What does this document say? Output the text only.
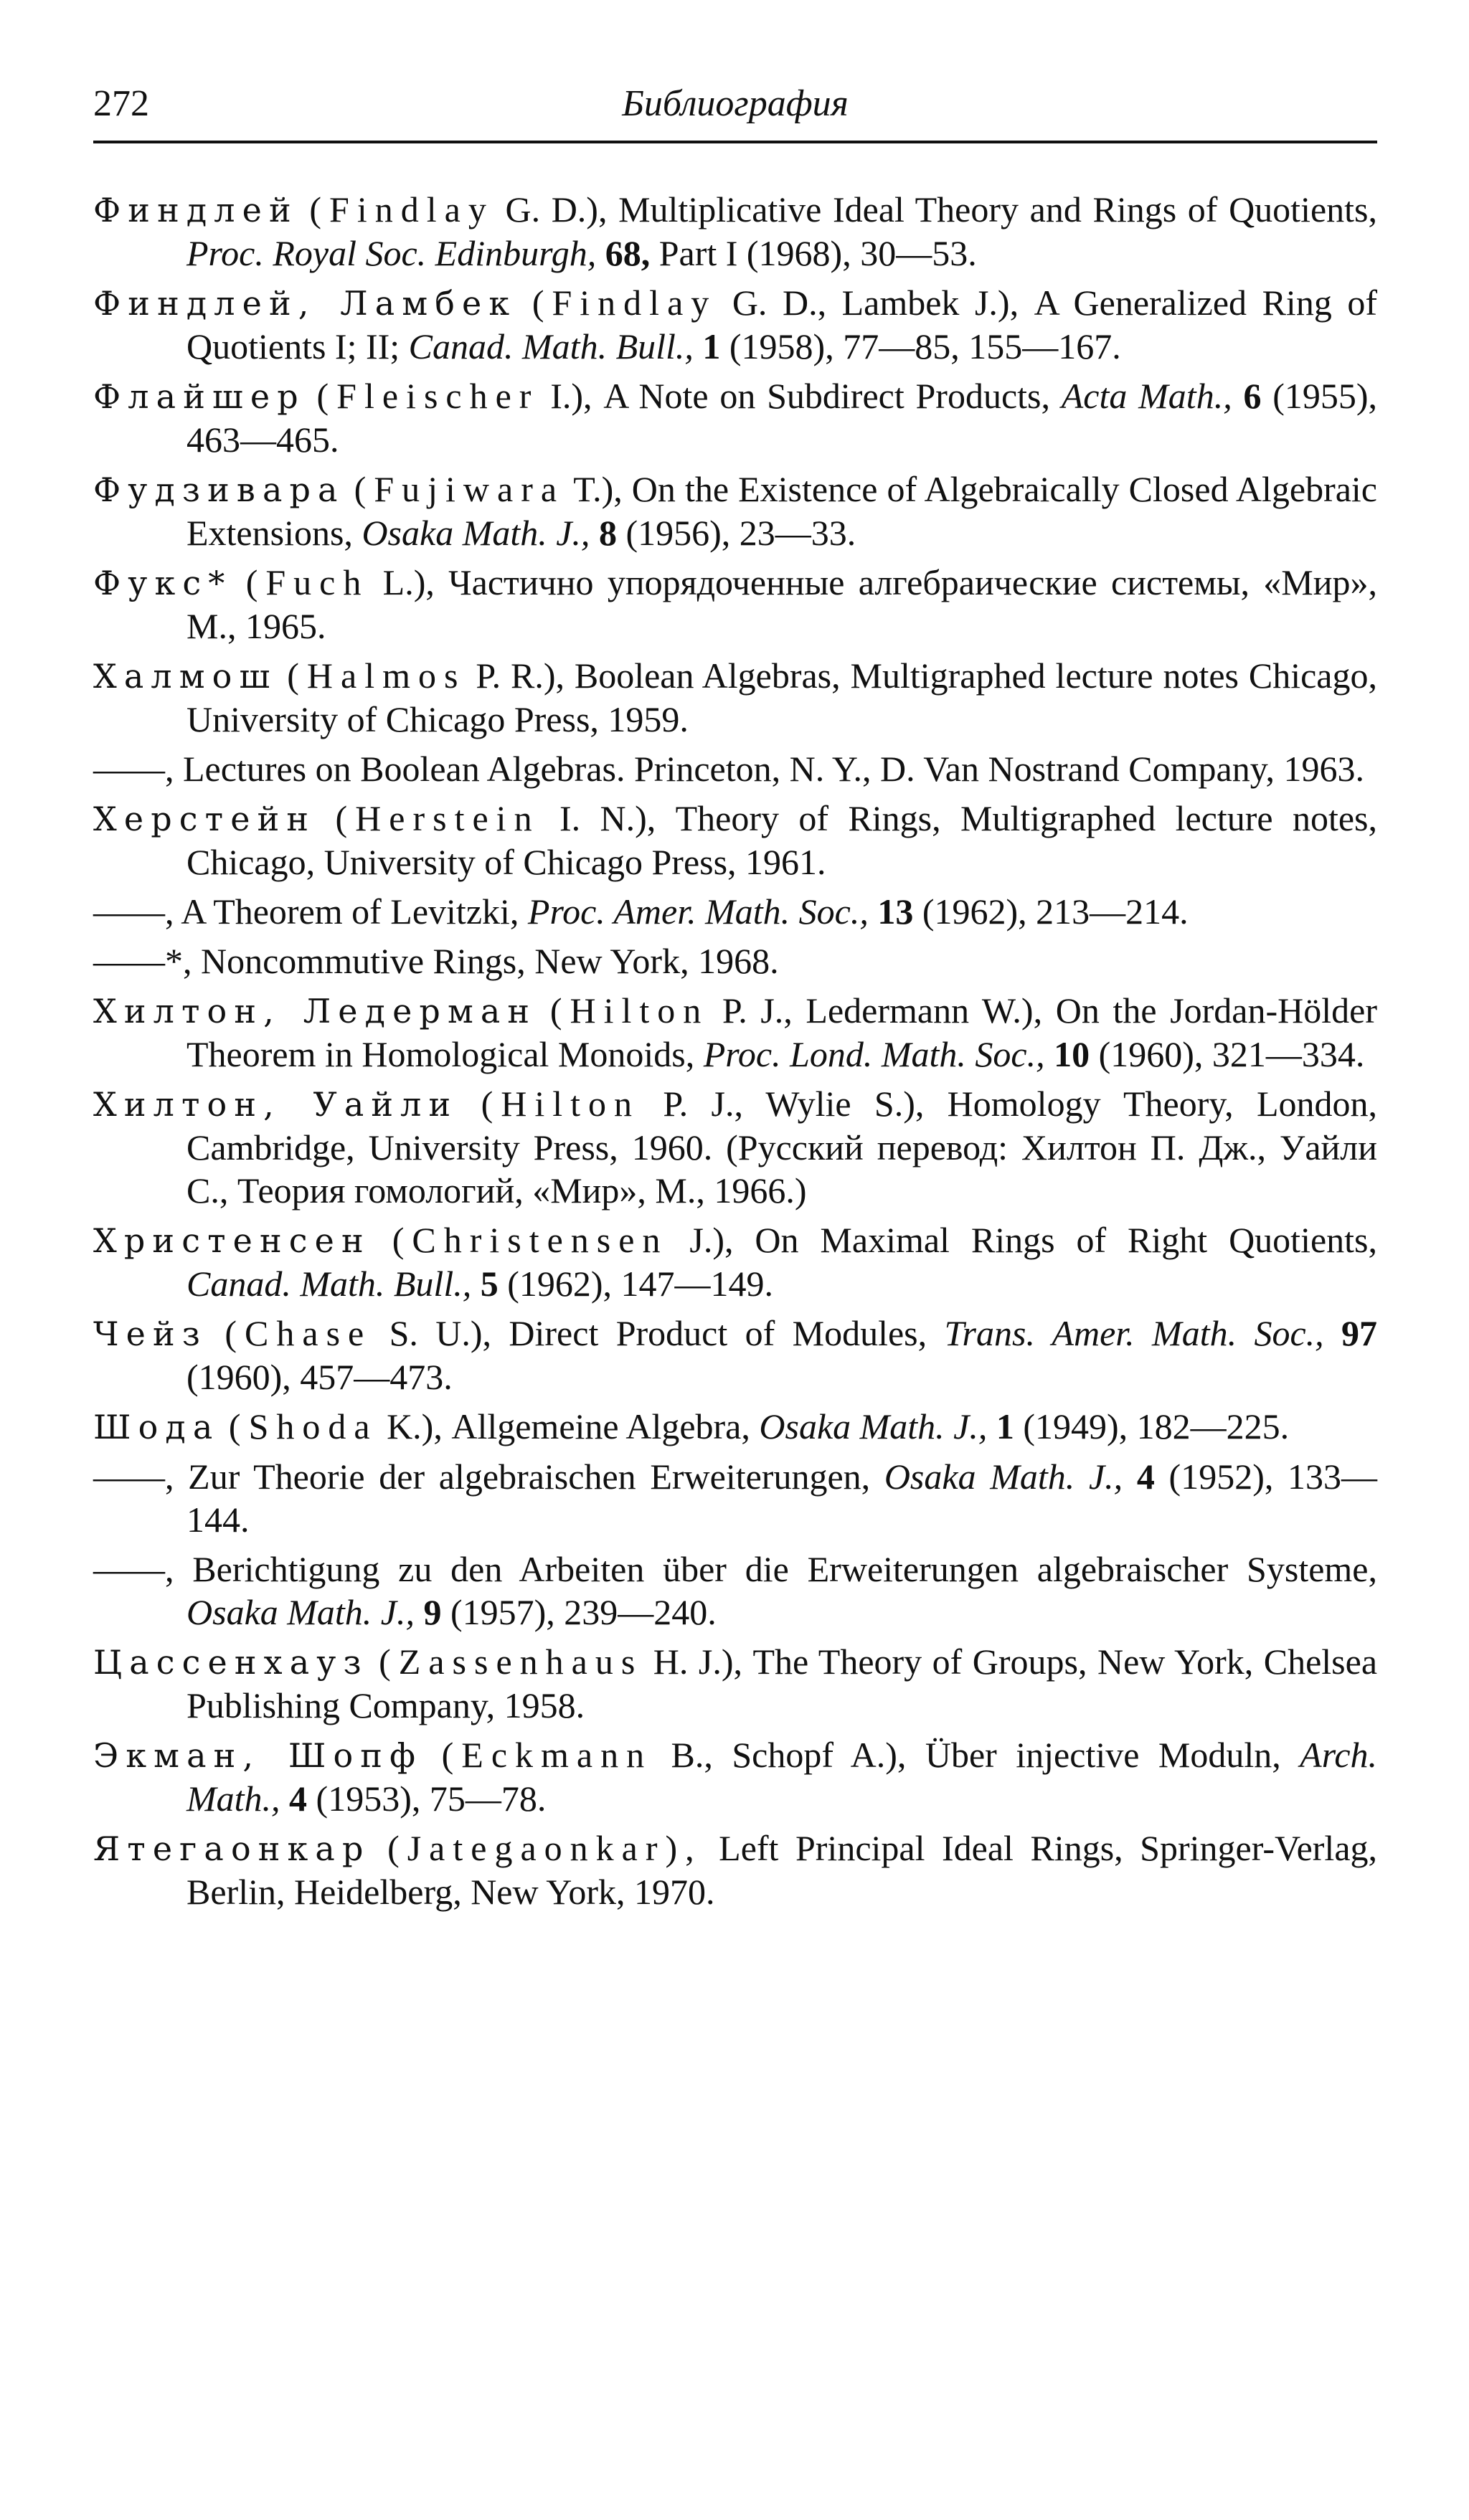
272	Библиография
Финдлей (Findlay G. D.), Multiplicative Ideal Theory and Rings of Quotients, Proc. Royal Soc. Edinburgh, 68, Part I (1968), 30—53.
Финдлей, Ламбек (Findlay G. D., Lambek J.), A Generalized Ring of Quotients I; II; Canad. Math. Bull., 1 (1958), 77—85, 155—167.
Флайшер (Fleischer I.), A Note on Subdirect Products, Acta Math., 6 (1955), 463—465.
Фудзивара (Fujiwara T.), On the Existence of Algebraically Closed Algebraic Extensions, Osaka Math. J., 8 (1956), 23—33.
Фукс* (Fuch L.), Частично упорядоченные алгебраические системы, «Мир», М., 1965.
Халмош (Halmos P. R.), Boolean Algebras, Multigraphed lecture notes Chicago, University of Chicago Press, 1959.
——, Lectures on Boolean Algebras. Princeton, N. Y., D. Van Nostrand Company, 1963.
Херстейн (Herstein I. N.), Theory of Rings, Multigraphed lecture notes, Chicago, University of Chicago Press, 1961.
——, A Theorem of Levitzki, Proc. Amer. Math. Soc., 13 (1962), 213—214.
——*, Noncommutive Rings, New York, 1968.
Хилтон, Ледерман (Hilton P. J., Ledermann W.), On the Jordan-Hölder Theorem in Homological Monoids, Proc. Lond. Math. Soc., 10 (1960), 321—334.
Хилтон, Уайли (Hilton P. J., Wylie S.), Homology Theory, London, Cambridge, University Press, 1960. (Русский перевод: Хилтон П. Дж., Уайли С., Теория гомологий, «Мир», М., 1966.)
Христенсен (Christensen J.), On Maximal Rings of Right Quotients, Canad. Math. Bull., 5 (1962), 147—149.
Чейз (Chase S. U.), Direct Product of Modules, Trans. Amer. Math. Soc., 97 (1960), 457—473.
Шода (Shoda K.), Allgemeine Algebra, Osaka Math. J., 1 (1949), 182—225.
——, Zur Theorie der algebraischen Erweiterungen, Osaka Math. J., 4 (1952), 133—144.
——, Berichtigung zu den Arbeiten über die Erweiterungen algebraischer Systeme, Osaka Math. J., 9 (1957), 239—240.
Цассенхауз (Zassenhaus H. J.), The Theory of Groups, New York, Chelsea Publishing Company, 1958.
Экман, Шопф (Eckmann B., Schopf A.), Über injective Moduln, Arch. Math., 4 (1953), 75—78.
Ятегаонкар (Jategaonkar), Left Principal Ideal Rings, Springer-Verlag, Berlin, Heidelberg, New York, 1970.
